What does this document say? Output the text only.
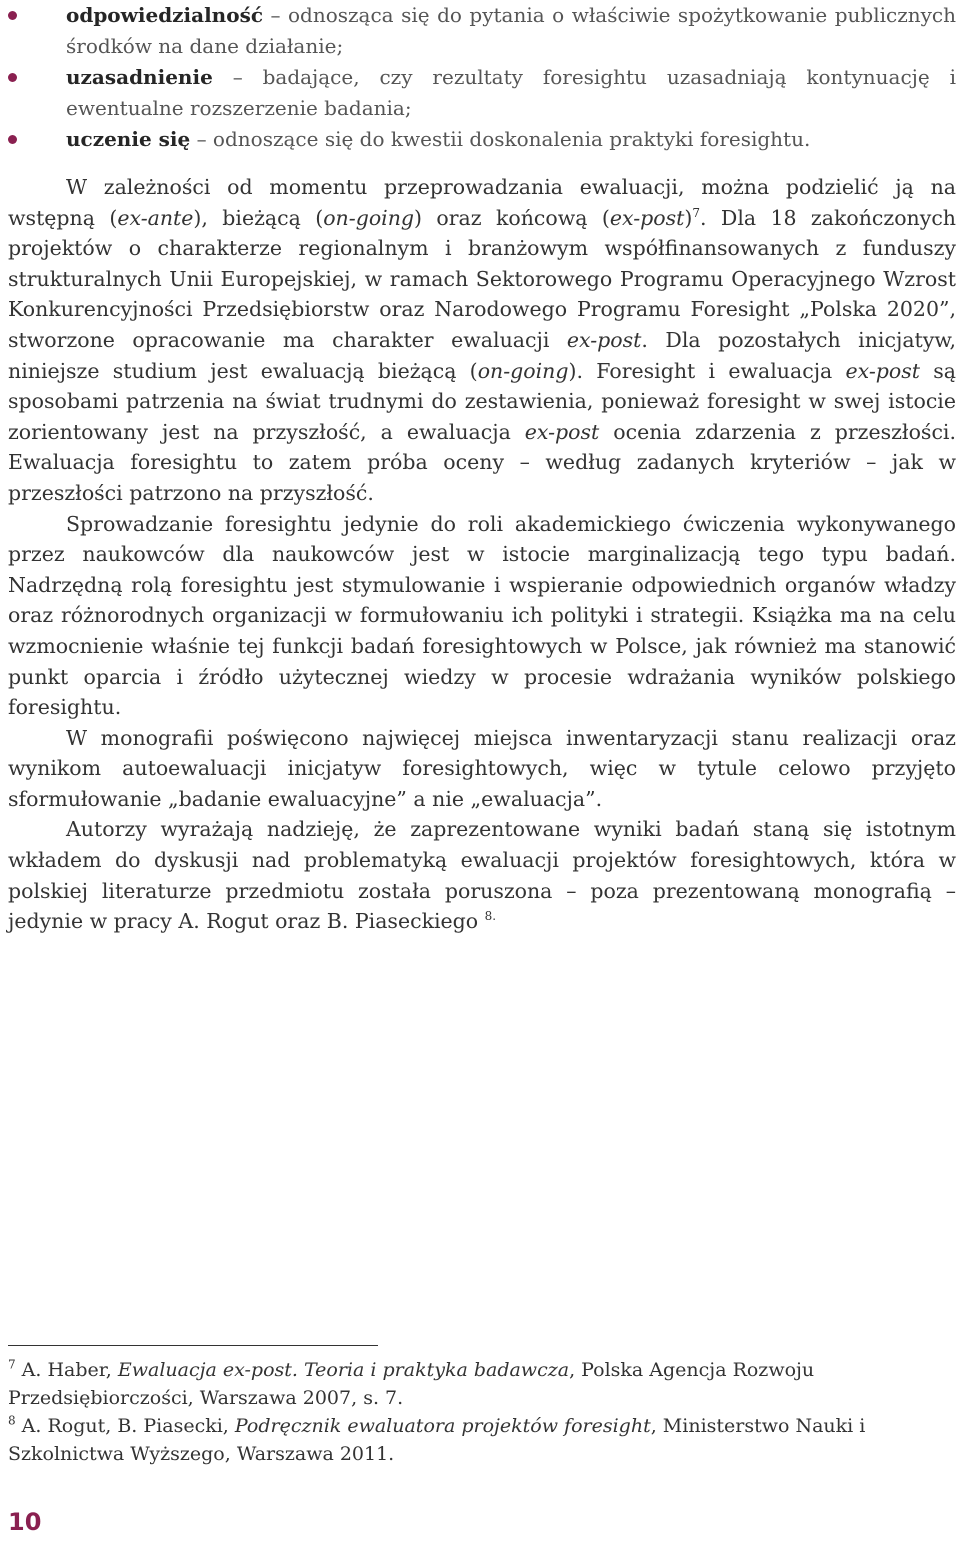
odpowiedzialność – odnosząca się do pytania o właściwie spożytkowanie publicznych środków na dane działanie;
uzasadnienie – badające, czy rezultaty foresightu uzasadniają kontynuację i ewentualne rozszerzenie badania;
uczenie się – odnoszące się do kwestii doskonalenia praktyki foresightu.

W zależności od momentu przeprowadzania ewaluacji, można podzielić ją na wstępną (ex-ante), bieżącą (on-going) oraz końcową (ex-post)$^7$. Dla 18 zakończonych projektów o charakterze regionalnym i branżowym współfinansowanych z funduszy strukturalnych Unii Europejskiej, w ramach Sektorowego Programu Operacyjnego Wzrost Konkurencyjności Przedsiębiorstw oraz Narodowego Programu Foresight „Polska 2020”, stworzone opracowanie ma charakter ewaluacji ex-post. Dla pozostałych inicjatyw, niniejsze studium jest ewaluacją bieżącą (on-going). Foresight i ewaluacja ex-post są sposobami patrzenia na świat trudnymi do zestawienia, ponieważ foresight w swej istocie zorientowany jest na przyszłość, a ewaluacja ex-post ocenia zdarzenia z przeszłości. Ewaluacja foresightu to zatem próba oceny – według zadanych kryteriów – jak w przeszłości patrzono na przyszłość.

Sprowadzanie foresightu jedynie do roli akademickiego ćwiczenia wykonywanego przez naukowców dla naukowców jest w istocie marginalizacją tego typu badań. Nadrzędną rolą foresightu jest stymulowanie i wspieranie odpowiednich organów władzy oraz różnorodnych organizacji w formułowaniu ich polityki i strategii. Książka ma na celu wzmocnienie właśnie tej funkcji badań foresightowych w Polsce, jak również ma stanowić punkt oparcia i źródło użytecznej wiedzy w procesie wdrażania wyników polskiego foresightu.

W monografii poświęcono najwięcej miejsca inwentaryzacji stanu realizacji oraz wynikom autoewaluacji inicjatyw foresightowych, więc w tytule celowo przyjęto sformułowanie „badanie ewaluacyjne” a nie „ewaluacja”.

Autorzy wyrażają nadzieję, że zaprezentowane wyniki badań staną się istotnym wkładem do dyskusji nad problematyką ewaluacji projektów foresightowych, która w polskiej literaturze przedmiotu została poruszona – poza prezentowaną monografią – jedynie w pracy A. Rogut oraz B. Piaseckiego $^{8.}$

$^7$ A. Haber, Ewaluacja ex-post. Teoria i praktyka badawcza, Polska Agencja Rozwoju Przedsiębiorczości, Warszawa 2007, s. 7.

$^8$ A. Rogut, B. Piasecki, Podręcznik ewaluatora projektów foresight, Ministerstwo Nauki i Szkolnictwa Wyższego, Warszawa 2011.

10
